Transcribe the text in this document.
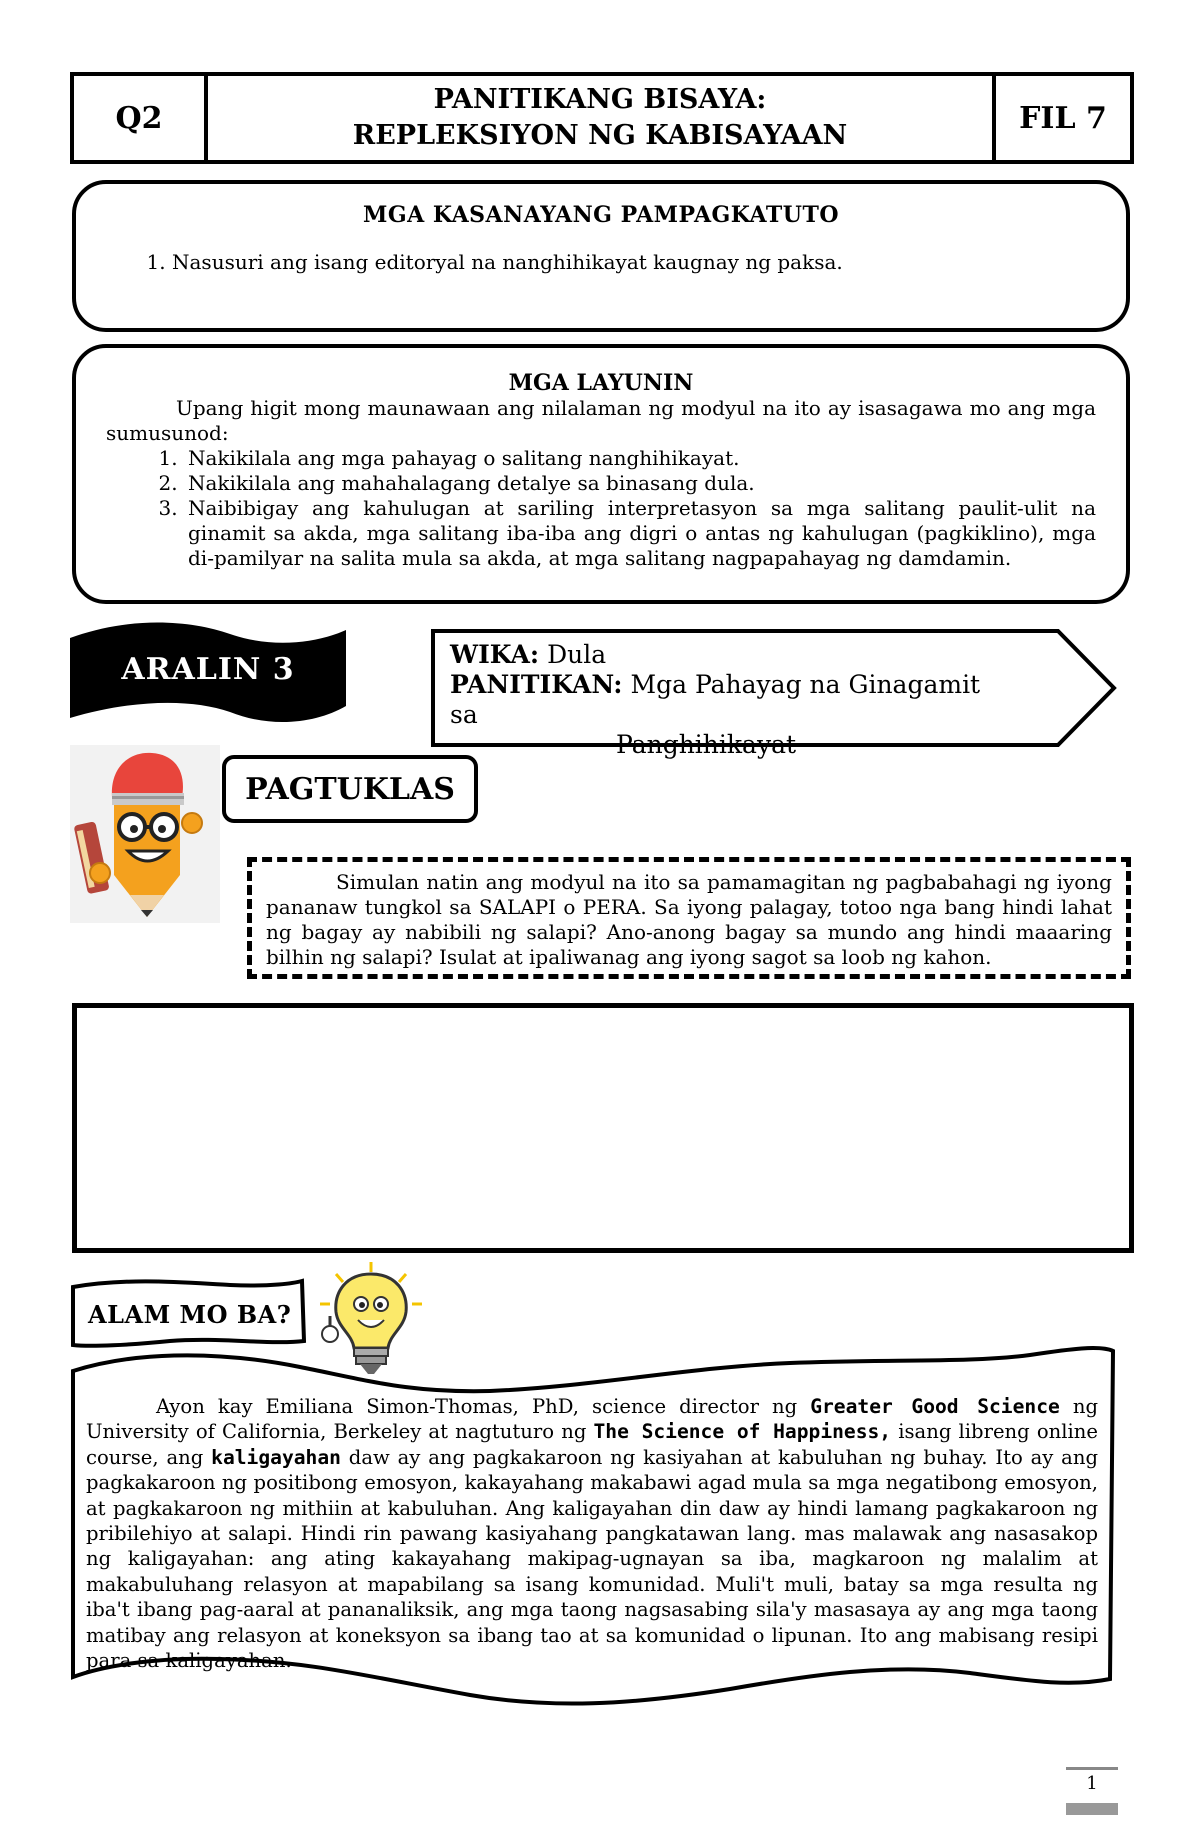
Q2
PANITIKANG BISAYA:
REPLEKSIYON NG KABISAYAAN	FIL 7
MGA KASANAYANG PAMPAGKATUTO
1. Nasusuri ang isang editoryal na nanghihikayat kaugnay ng paksa.
MGA LAYUNIN

Upang higit mong maunawaan ang nilalaman ng modyul na ito ay isasagawa mo ang mga sumusunod:

1. Nakikilala ang mga pahayag o salitang nanghihikayat.
2. Nakikilala ang mahahalagang detalye sa binasang dula.
3. Naibibigay ang kahulugan at sariling interpretasyon sa mga salitang paulit-ulit na ginamit sa akda, mga salitang iba-iba ang digri o antas ng kahulugan (pagkiklino), mga di-pamilyar na salita mula sa akda, at mga salitang nagpapahayag ng damdamin.
ARALIN 3	WIKA: Dula
PANITIKAN: Mga Pahayag na Ginagamit sa
Panghihikayat
PAGTUKLAS

Simulan natin ang modyul na ito sa pamamagitan ng pagbabahagi ng iyong pananaw tungkol sa SALAPI o PERA. Sa iyong palagay, totoo nga bang hindi lahat ng bagay ay nabibili ng salapi? Ano-anong bagay sa mundo ang hindi maaaring bilhin ng salapi? Isulat at ipaliwanag ang iyong sagot sa loob ng kahon.

ALAM MO BA?

Ayon kay Emiliana Simon-Thomas, PhD, science director ng Greater Good Science ng University of California, Berkeley at nagtuturo ng The Science of Happiness, isang libreng online course, ang kaligayahan daw ay ang pagkakaroon ng kasiyahan at kabuluhan ng buhay. Ito ay ang pagkakaroon ng positibong emosyon, kakayahang makabawi agad mula sa mga negatibong emosyon, at pagkakaroon ng mithiin at kabuluhan. Ang kaligayahan din daw ay hindi lamang pagkakaroon ng pribilehiyo at salapi. Hindi rin pawang kasiyahang pangkatawan lang. mas malawak ang nasasakop ng kaligayahan: ang ating kakayahang makipag-ugnayan sa iba, magkaroon ng malalim at makabuluhang relasyon at mapabilang sa isang komunidad. Muli't muli, batay sa mga resulta ng iba't ibang pag-aaral at pananaliksik, ang mga taong nagsasabing sila'y masasaya ay ang mga taong matibay ang relasyon at koneksyon sa ibang tao at sa komunidad o lipunan. Ito ang mabisang resipi para sa kaligayahan.

1
